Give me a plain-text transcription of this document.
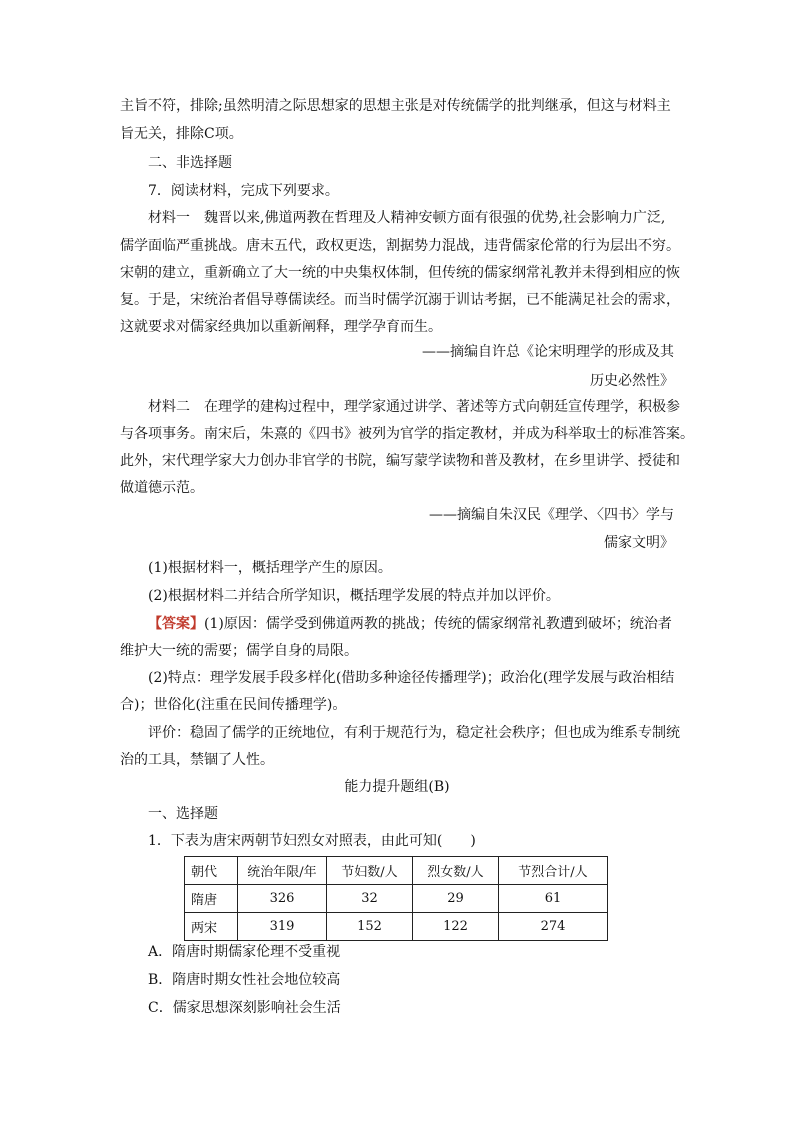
主旨不符，排除;虽然明清之际思想家的思想主张是对传统儒学的批判继承，但这与材料主
旨无关，排除C项。
二、非选择题
7．阅读材料，完成下列要求。
材料一　魏晋以来,佛道两教在哲理及人精神安顿方面有很强的优势,社会影响力广泛,
儒学面临严重挑战。唐末五代，政权更迭，割据势力混战，违背儒家伦常的行为层出不穷。
宋朝的建立，重新确立了大一统的中央集权体制，但传统的儒家纲常礼教并未得到相应的恢
复。于是，宋统治者倡导尊儒读经。而当时儒学沉溺于训诂考据，已不能满足社会的需求，
这就要求对儒家经典加以重新阐释，理学孕育而生。
——摘编自许总《论宋明理学的形成及其
历史必然性》
材料二　在理学的建构过程中，理学家通过讲学、著述等方式向朝廷宣传理学，积极参
与各项事务。南宋后，朱熹的《四书》被列为官学的指定教材，并成为科举取士的标准答案。
此外，宋代理学家大力创办非官学的书院，编写蒙学读物和普及教材，在乡里讲学、授徒和
做道德示范。
——摘编自朱汉民《理学、〈四书〉学与
儒家文明》
(1)根据材料一，概括理学产生的原因。
(2)根据材料二并结合所学知识，概括理学发展的特点并加以评价。
【答案】(1)原因：儒学受到佛道两教的挑战；传统的儒家纲常礼教遭到破坏；统治者
维护大一统的需要；儒学自身的局限。
(2)特点：理学发展手段多样化(借助多种途径传播理学)；政治化(理学发展与政治相结
合)；世俗化(注重在民间传播理学)。
评价：稳固了儒学的正统地位，有利于规范行为，稳定社会秩序；但也成为维系专制统
治的工具，禁锢了人性。
能力提升题组(B)
一、选择题
1．下表为唐宋两朝节妇烈女对照表，由此可知(　　)
朝代	统治年限/年	节妇数/人	烈女数/人	节烈合计/人
隋唐	326	32	29	61
两宋	319	152	122	274
A．隋唐时期儒家伦理不受重视
B．隋唐时期女性社会地位较高
C．儒家思想深刻影响社会生活
